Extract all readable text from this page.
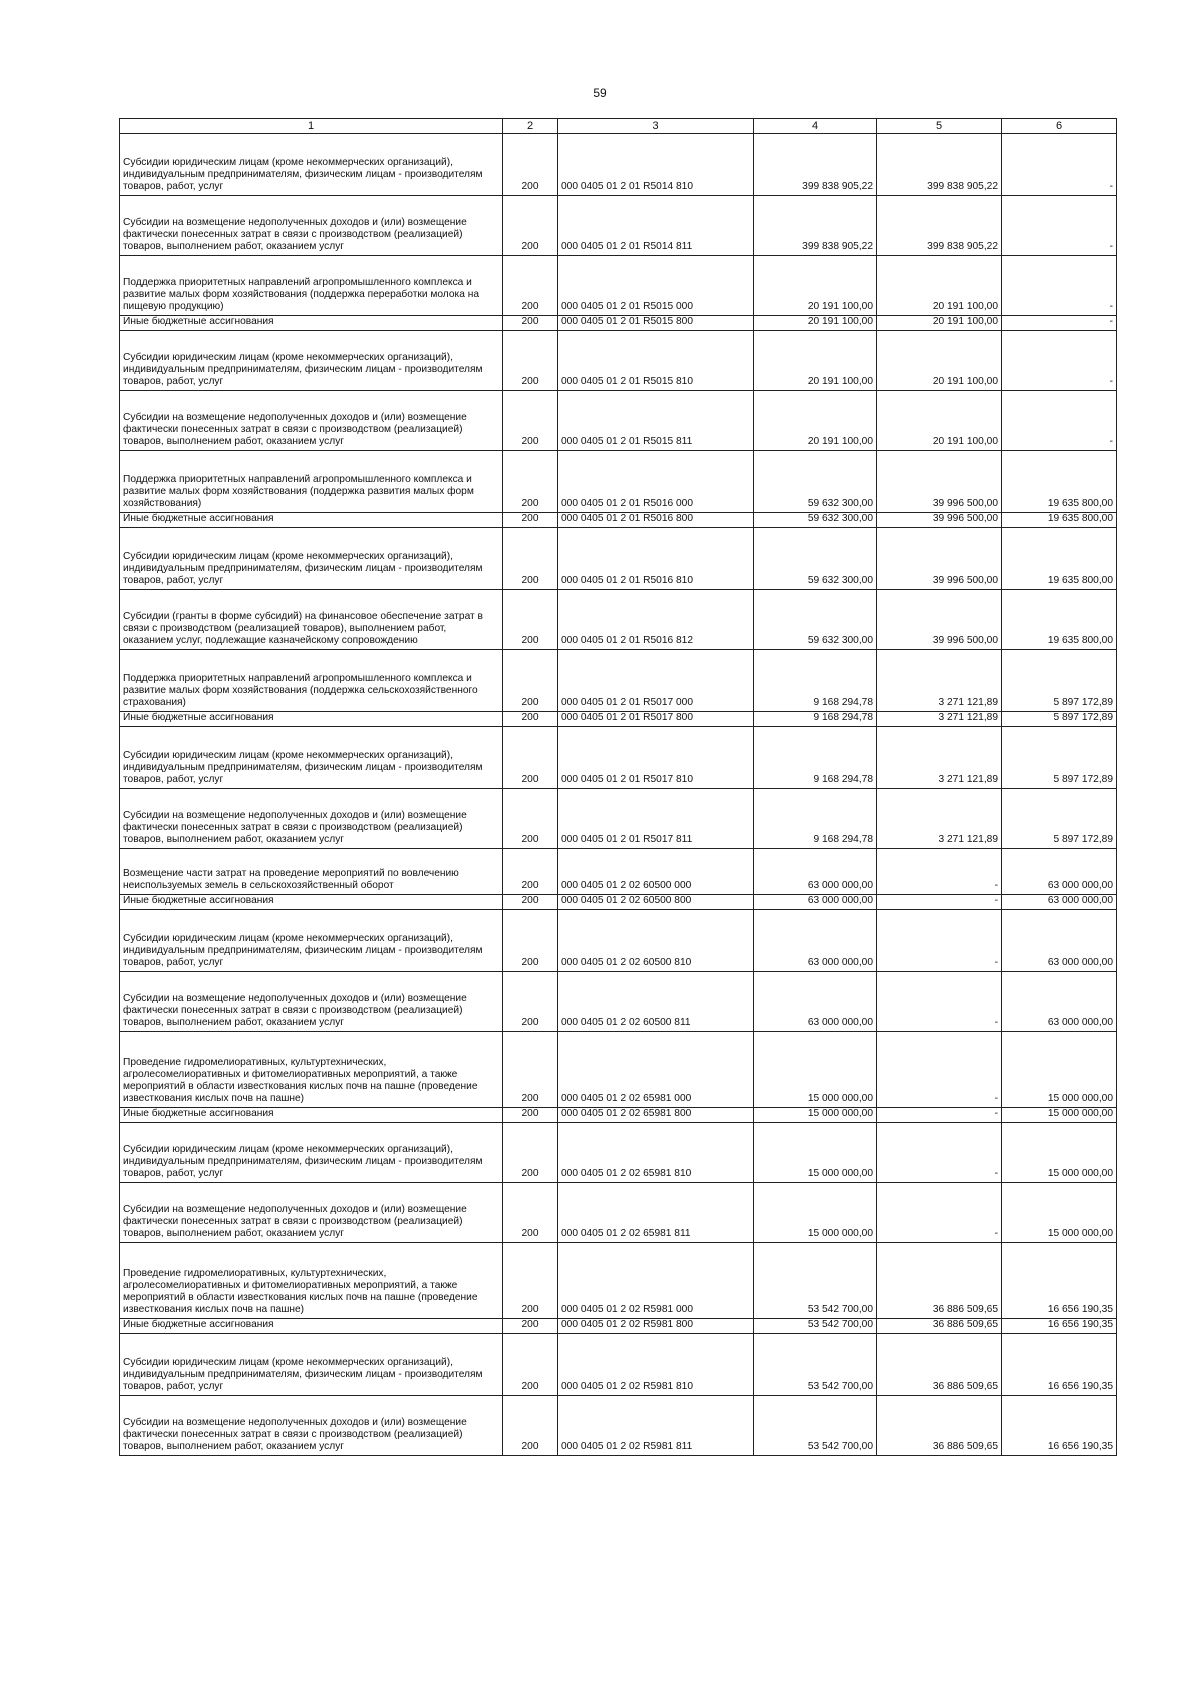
59
1	2	3	4	5	6
Субсидии юридическим лицам (кроме некоммерческих организаций), индивидуальным предпринимателям, физическим лицам - производителям товаров, работ, услуг	200	000 0405 01 2 01 R5014 810	399 838 905,22	399 838 905,22	-
Субсидии на возмещение недополученных доходов и (или) возмещение фактически понесенных затрат в связи с производством (реализацией) товаров, выполнением работ, оказанием услуг	200	000 0405 01 2 01 R5014 811	399 838 905,22	399 838 905,22	-
Поддержка приоритетных направлений агропромышленного комплекса и развитие малых форм хозяйствования (поддержка переработки молока на пищевую продукцию)	200	000 0405 01 2 01 R5015 000	20 191 100,00	20 191 100,00	-
Иные бюджетные ассигнования	200	000 0405 01 2 01 R5015 800	20 191 100,00	20 191 100,00	-
Субсидии юридическим лицам (кроме некоммерческих организаций), индивидуальным предпринимателям, физическим лицам - производителям товаров, работ, услуг	200	000 0405 01 2 01 R5015 810	20 191 100,00	20 191 100,00	-
Субсидии на возмещение недополученных доходов и (или) возмещение фактически понесенных затрат в связи с производством (реализацией) товаров, выполнением работ, оказанием услуг	200	000 0405 01 2 01 R5015 811	20 191 100,00	20 191 100,00	-
Поддержка приоритетных направлений агропромышленного комплекса и развитие малых форм хозяйствования (поддержка развития малых форм хозяйствования)	200	000 0405 01 2 01 R5016 000	59 632 300,00	39 996 500,00	19 635 800,00
Иные бюджетные ассигнования	200	000 0405 01 2 01 R5016 800	59 632 300,00	39 996 500,00	19 635 800,00
Субсидии юридическим лицам (кроме некоммерческих организаций), индивидуальным предпринимателям, физическим лицам - производителям товаров, работ, услуг	200	000 0405 01 2 01 R5016 810	59 632 300,00	39 996 500,00	19 635 800,00
Субсидии (гранты в форме субсидий) на финансовое обеспечение затрат в связи с производством (реализацией товаров), выполнением работ, оказанием услуг, подлежащие казначейскому сопровождению	200	000 0405 01 2 01 R5016 812	59 632 300,00	39 996 500,00	19 635 800,00
Поддержка приоритетных направлений агропромышленного комплекса и развитие малых форм хозяйствования (поддержка сельскохозяйственного страхования)	200	000 0405 01 2 01 R5017 000	9 168 294,78	3 271 121,89	5 897 172,89
Иные бюджетные ассигнования	200	000 0405 01 2 01 R5017 800	9 168 294,78	3 271 121,89	5 897 172,89
Субсидии юридическим лицам (кроме некоммерческих организаций), индивидуальным предпринимателям, физическим лицам - производителям товаров, работ, услуг	200	000 0405 01 2 01 R5017 810	9 168 294,78	3 271 121,89	5 897 172,89
Субсидии на возмещение недополученных доходов и (или) возмещение фактически понесенных затрат в связи с производством (реализацией) товаров, выполнением работ, оказанием услуг	200	000 0405 01 2 01 R5017 811	9 168 294,78	3 271 121,89	5 897 172,89
Возмещение части затрат на проведение мероприятий по вовлечению неиспользуемых земель в сельскохозяйственный оборот	200	000 0405 01 2 02 60500 000	63 000 000,00	-	63 000 000,00
Иные бюджетные ассигнования	200	000 0405 01 2 02 60500 800	63 000 000,00	-	63 000 000,00
Субсидии юридическим лицам (кроме некоммерческих организаций), индивидуальным предпринимателям, физическим лицам - производителям товаров, работ, услуг	200	000 0405 01 2 02 60500 810	63 000 000,00	-	63 000 000,00
Субсидии на возмещение недополученных доходов и (или) возмещение фактически понесенных затрат в связи с производством (реализацией) товаров, выполнением работ, оказанием услуг	200	000 0405 01 2 02 60500 811	63 000 000,00	-	63 000 000,00
Проведение гидромелиоративных, культуртехнических, агролесомелиоративных и фитомелиоративных мероприятий, а также мероприятий в области известкования кислых почв на пашне (проведение известкования кислых почв на пашне)	200	000 0405 01 2 02 65981 000	15 000 000,00	-	15 000 000,00
Иные бюджетные ассигнования	200	000 0405 01 2 02 65981 800	15 000 000,00	-	15 000 000,00
Субсидии юридическим лицам (кроме некоммерческих организаций), индивидуальным предпринимателям, физическим лицам - производителям товаров, работ, услуг	200	000 0405 01 2 02 65981 810	15 000 000,00	-	15 000 000,00
Субсидии на возмещение недополученных доходов и (или) возмещение фактически понесенных затрат в связи с производством (реализацией) товаров, выполнением работ, оказанием услуг	200	000 0405 01 2 02 65981 811	15 000 000,00	-	15 000 000,00
Проведение гидромелиоративных, культуртехнических, агролесомелиоративных и фитомелиоративных мероприятий, а также мероприятий в области известкования кислых почв на пашне (проведение известкования кислых почв на пашне)	200	000 0405 01 2 02 R5981 000	53 542 700,00	36 886 509,65	16 656 190,35
Иные бюджетные ассигнования	200	000 0405 01 2 02 R5981 800	53 542 700,00	36 886 509,65	16 656 190,35
Субсидии юридическим лицам (кроме некоммерческих организаций), индивидуальным предпринимателям, физическим лицам - производителям товаров, работ, услуг	200	000 0405 01 2 02 R5981 810	53 542 700,00	36 886 509,65	16 656 190,35
Субсидии на возмещение недополученных доходов и (или) возмещение фактически понесенных затрат в связи с производством (реализацией) товаров, выполнением работ, оказанием услуг	200	000 0405 01 2 02 R5981 811	53 542 700,00	36 886 509,65	16 656 190,35
